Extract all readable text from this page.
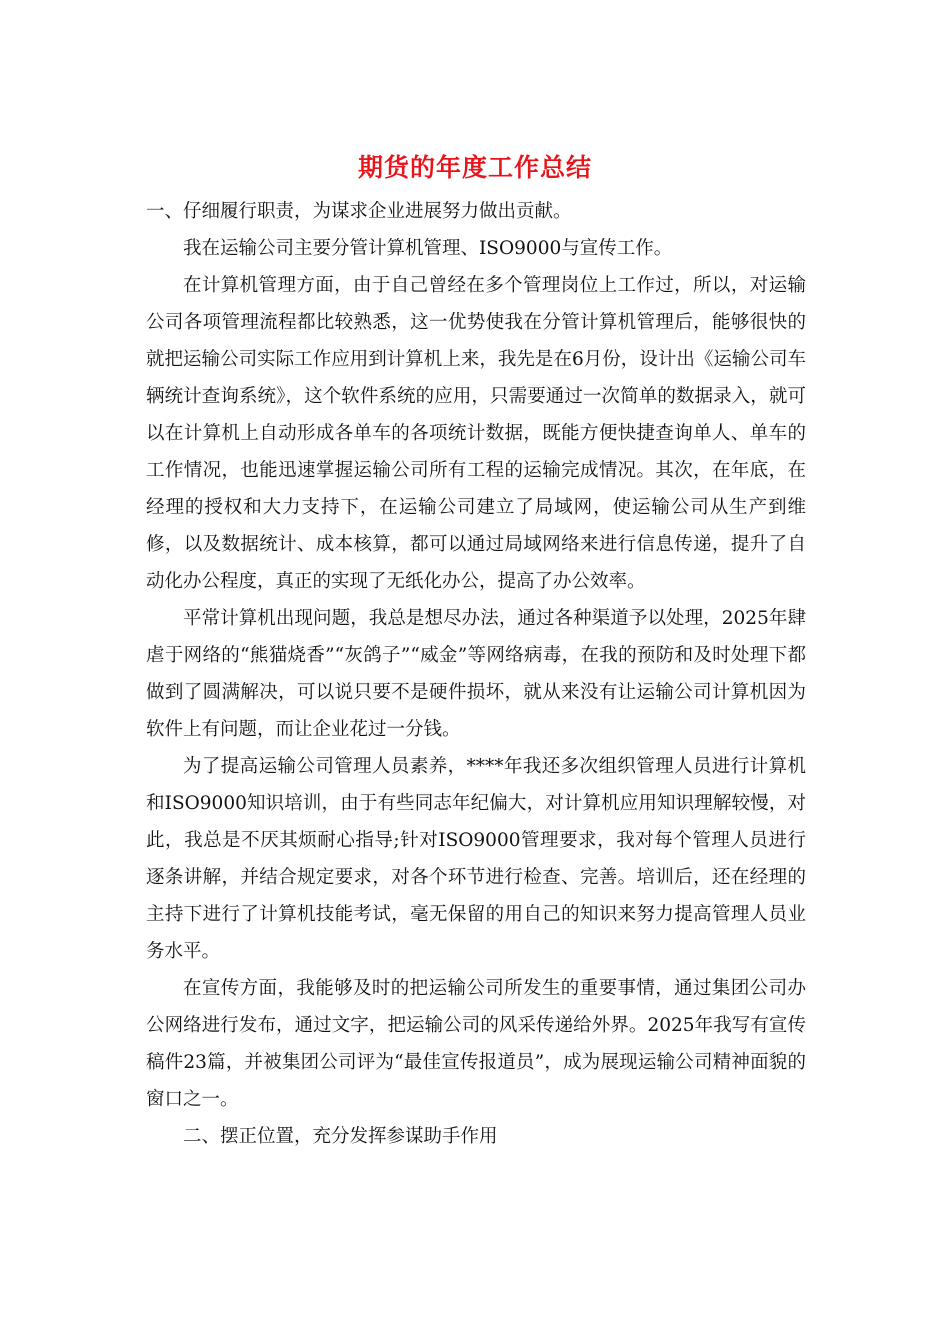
期货的年度工作总结

一、仔细履行职责，为谋求企业进展努力做出贡献。

我在运输公司主要分管计算机管理、ISO9000与宣传工作。

在计算机管理方面，由于自己曾经在多个管理岗位上工作过，所以，对运输公司各项管理流程都比较熟悉，这一优势使我在分管计算机管理后，能够很快的就把运输公司实际工作应用到计算机上来，我先是在6月份，设计出《运输公司车辆统计查询系统》，这个软件系统的应用，只需要通过一次简单的数据录入，就可以在计算机上自动形成各单车的各项统计数据，既能方便快捷查询单人、单车的工作情况，也能迅速掌握运输公司所有工程的运输完成情况。其次，在年底，在经理的授权和大力支持下，在运输公司建立了局域网，使运输公司从生产到维修，以及数据统计、成本核算，都可以通过局域网络来进行信息传递，提升了自动化办公程度，真正的实现了无纸化办公，提高了办公效率。

平常计算机出现问题，我总是想尽办法，通过各种渠道予以处理，2025年肆虐于网络的“熊猫烧香”“灰鸽子”“威金”等网络病毒，在我的预防和及时处理下都做到了圆满解决，可以说只要不是硬件损坏，就从来没有让运输公司计算机因为软件上有问题，而让企业花过一分钱。

为了提高运输公司管理人员素养，****年我还多次组织管理人员进行计算机和ISO9000知识培训，由于有些同志年纪偏大，对计算机应用知识理解较慢，对此，我总是不厌其烦耐心指导;针对ISO9000管理要求，我对每个管理人员进行逐条讲解，并结合规定要求，对各个环节进行检查、完善。培训后，还在经理的主持下进行了计算机技能考试，毫无保留的用自己的知识来努力提高管理人员业务水平。

在宣传方面，我能够及时的把运输公司所发生的重要事情，通过集团公司办公网络进行发布，通过文字，把运输公司的风采传递给外界。2025年我写有宣传稿件23篇，并被集团公司评为“最佳宣传报道员”，成为展现运输公司精神面貌的窗口之一。

二、摆正位置，充分发挥参谋助手作用
